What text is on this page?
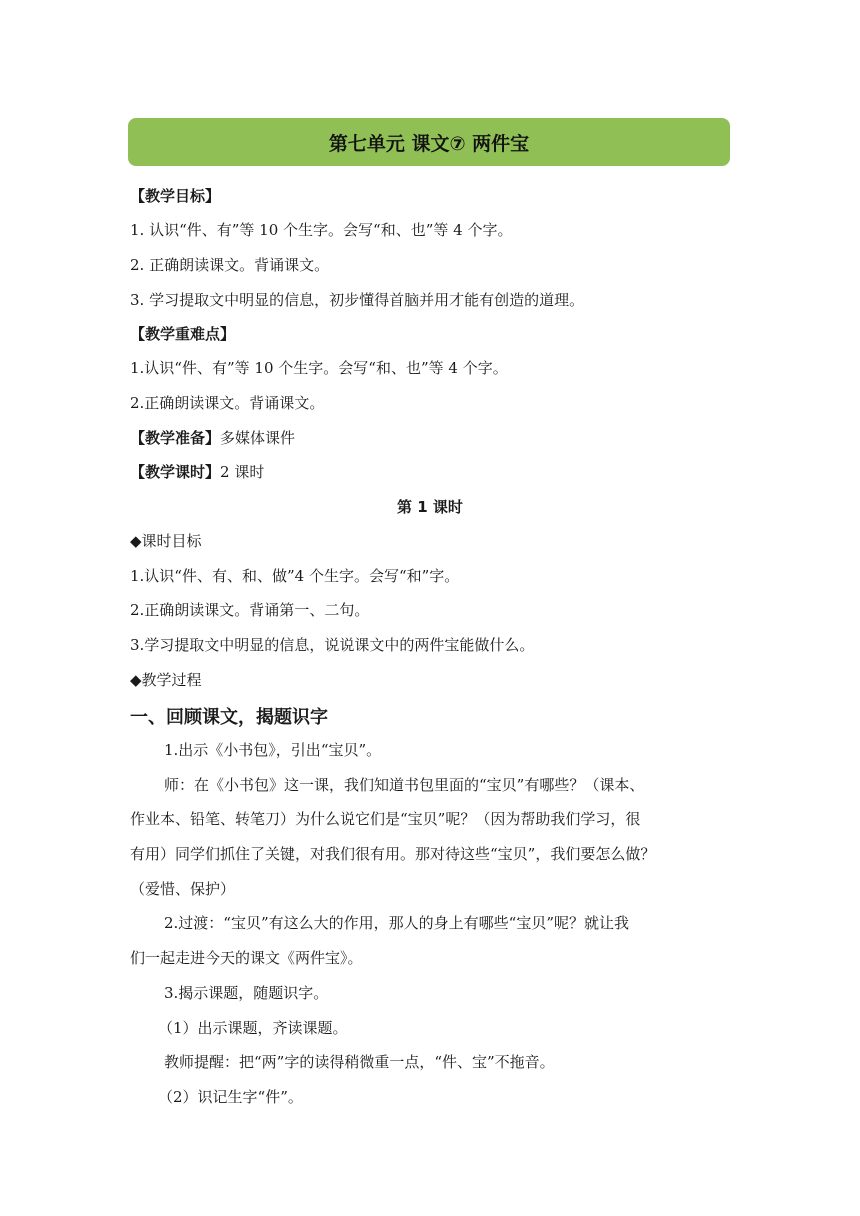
第七单元 课文⑦ 两件宝
【教学目标】
1. 认识“件、有”等 10 个生字。会写“和、也”等 4 个字。
2. 正确朗读课文。背诵课文。
3. 学习提取文中明显的信息，初步懂得首脑并用才能有创造的道理。
【教学重难点】
1.认识“件、有”等 10 个生字。会写“和、也”等 4 个字。
2.正确朗读课文。背诵课文。
【教学准备】多媒体课件
【教学课时】2 课时
第 1 课时
◆课时目标
1.认识“件、有、和、做”4 个生字。会写“和”字。
2.正确朗读课文。背诵第一、二句。
3.学习提取文中明显的信息，说说课文中的两件宝能做什么。
◆教学过程
一、回顾课文，揭题识字
1.出示《小书包》，引出“宝贝”。
师：在《小书包》这一课，我们知道书包里面的“宝贝”有哪些？（课本、
作业本、铅笔、转笔刀）为什么说它们是“宝贝”呢？（因为帮助我们学习，很
有用）同学们抓住了关键，对我们很有用。那对待这些“宝贝”，我们要怎么做？
（爱惜、保护）
2.过渡：“宝贝”有这么大的作用，那人的身上有哪些“宝贝”呢？就让我
们一起走进今天的课文《两件宝》。
3.揭示课题，随题识字。
（1）出示课题，齐读课题。
教师提醒：把“两”字的读得稍微重一点，“件、宝”不拖音。
（2）识记生字“件”。
